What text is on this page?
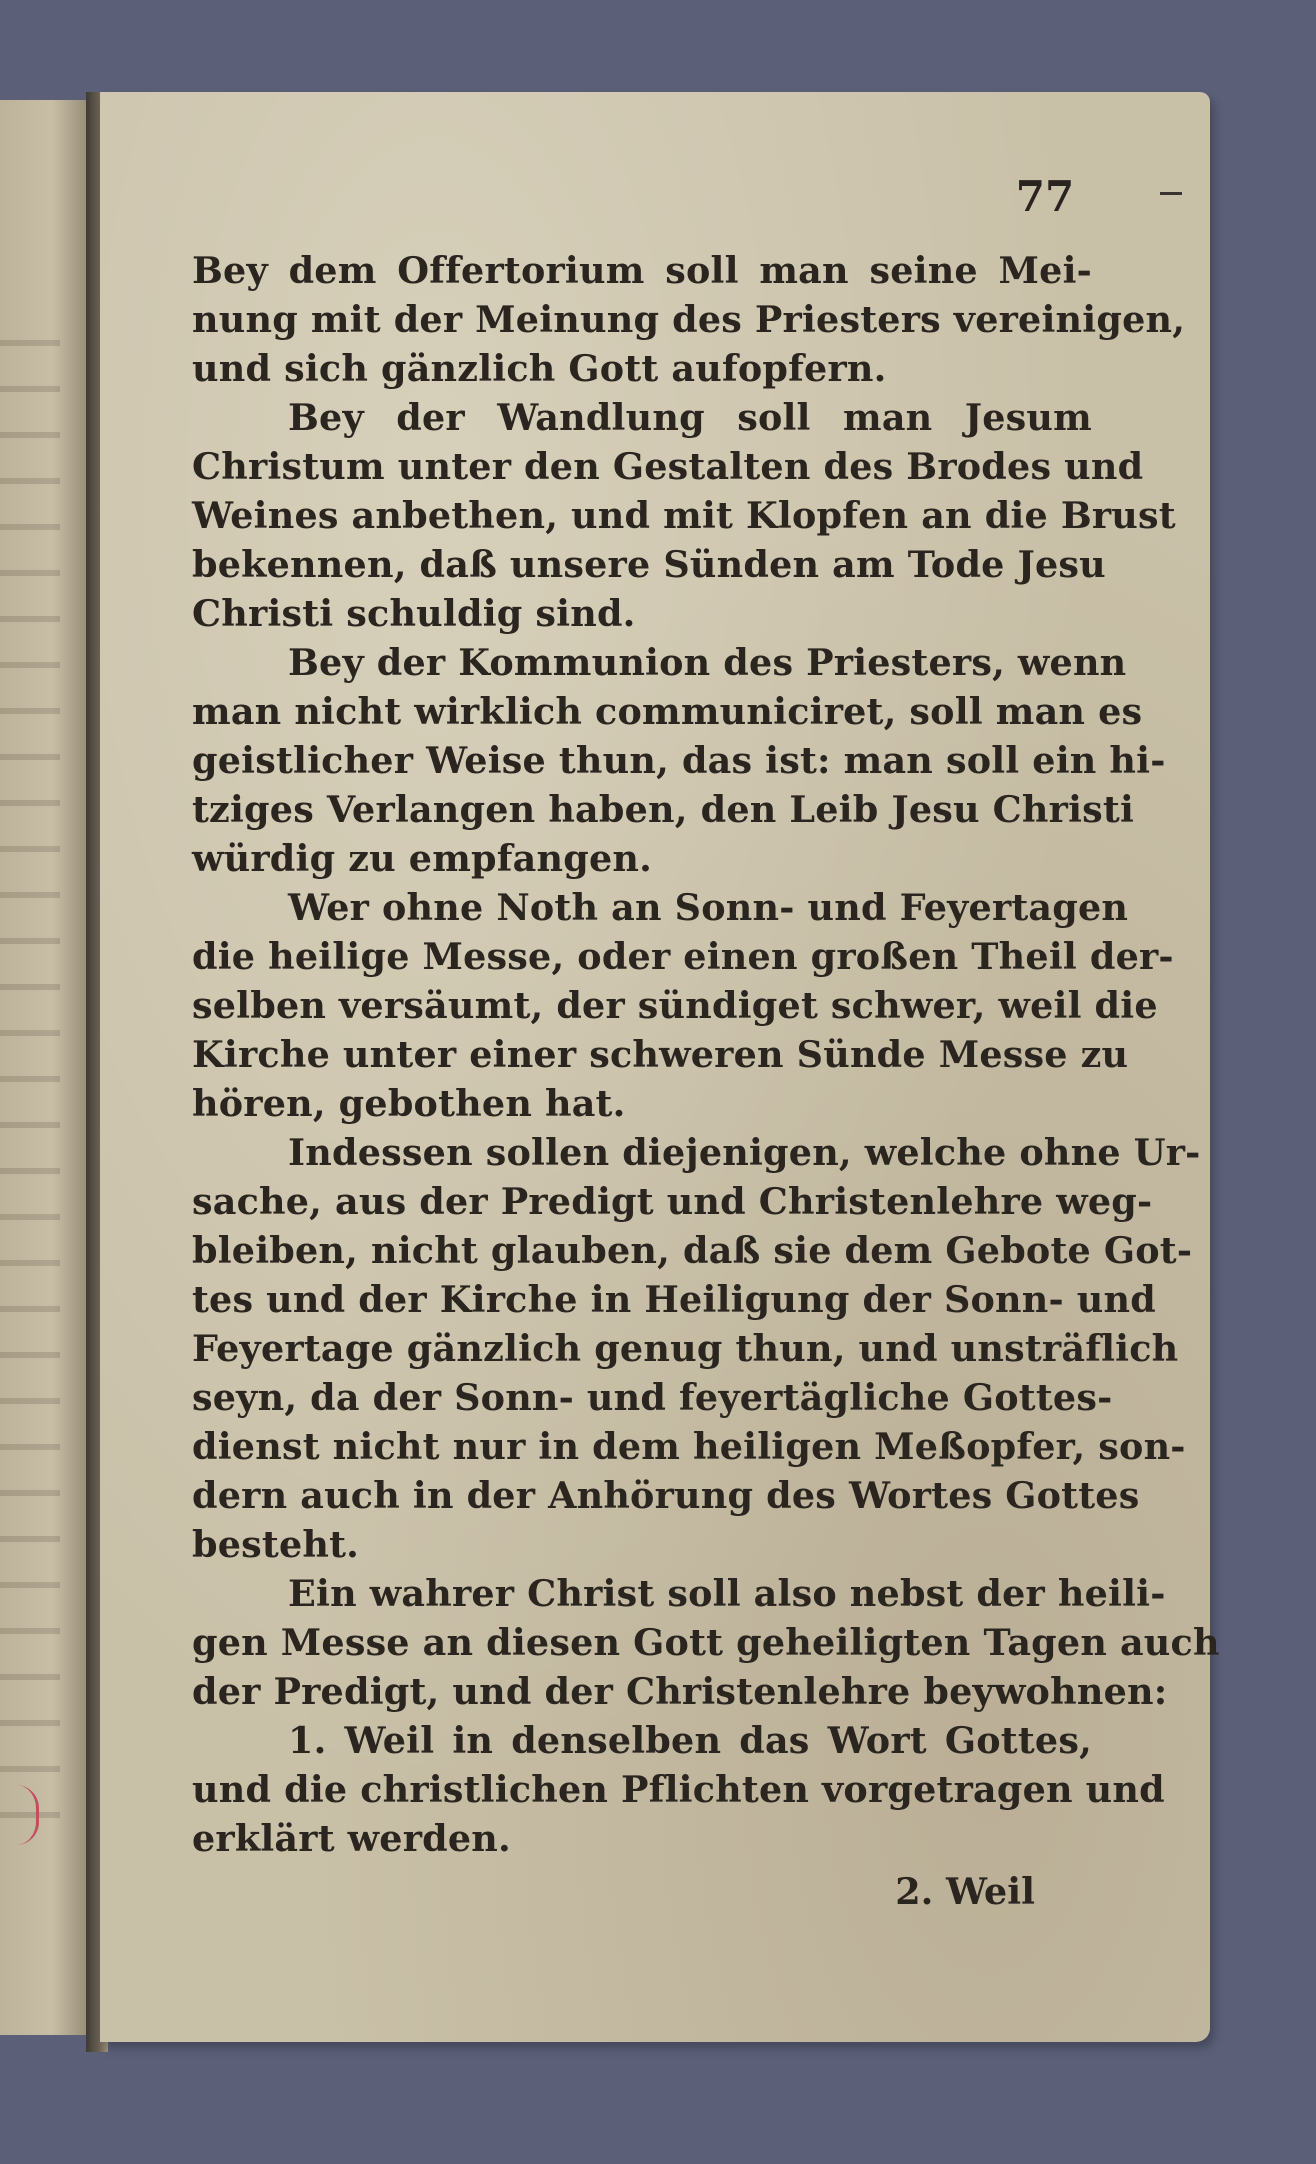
77
Bey dem Offertorium soll man seine Mei-
nung mit der Meinung des Priesters vereinigen,
und sich gänzlich Gott aufopfern.
Bey der Wandlung soll man Jesum
Christum unter den Gestalten des Brodes und
Weines anbethen, und mit Klopfen an die Brust
bekennen, daß unsere Sünden am Tode Jesu
Christi schuldig sind.
Bey der Kommunion des Priesters, wenn
man nicht wirklich communiciret, soll man es
geistlicher Weise thun, das ist: man soll ein hi-
tziges Verlangen haben, den Leib Jesu Christi
würdig zu empfangen.
Wer ohne Noth an Sonn- und Feyertagen
die heilige Messe, oder einen großen Theil der-
selben versäumt, der sündiget schwer, weil die
Kirche unter einer schweren Sünde Messe zu
hören, gebothen hat.
Indessen sollen diejenigen, welche ohne Ur-
sache, aus der Predigt und Christenlehre weg-
bleiben, nicht glauben, daß sie dem Gebote Got-
tes und der Kirche in Heiligung der Sonn- und
Feyertage gänzlich genug thun, und unsträflich
seyn, da der Sonn- und feyertägliche Gottes-
dienst nicht nur in dem heiligen Meßopfer, son-
dern auch in der Anhörung des Wortes Gottes
besteht.
Ein wahrer Christ soll also nebst der heili-
gen Messe an diesen Gott geheiligten Tagen auch
der Predigt, und der Christenlehre beywohnen:
1. Weil in denselben das Wort Gottes,
und die christlichen Pflichten vorgetragen und
erklärt werden.
2. Weil
